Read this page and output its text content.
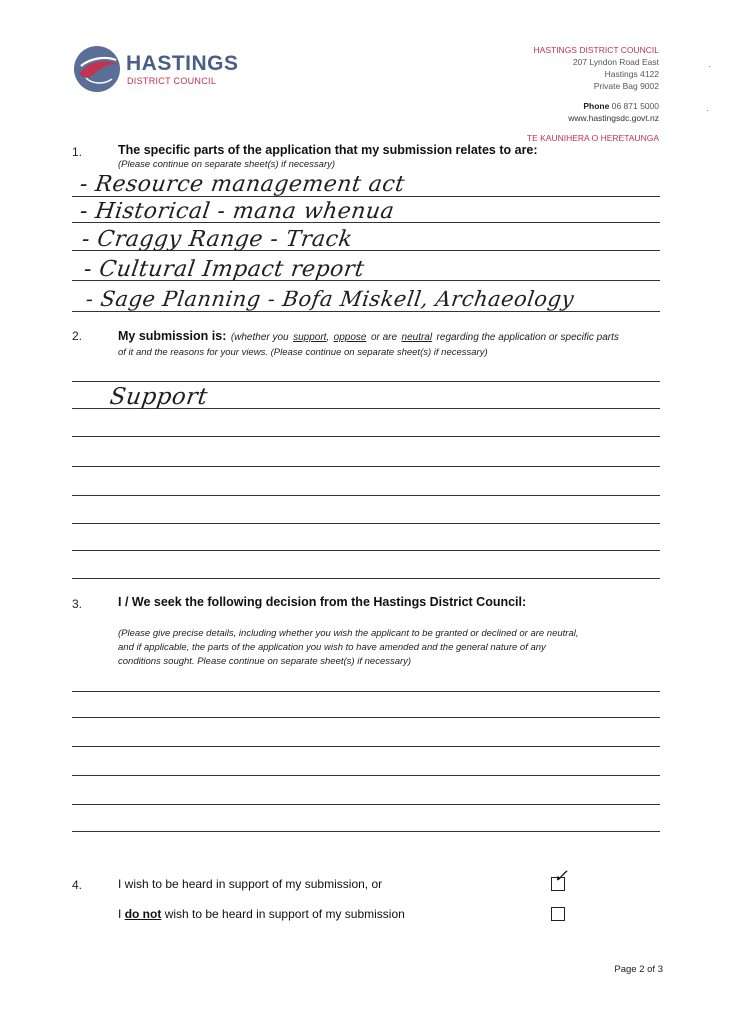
HASTINGS
DISTRICT COUNCIL
HASTINGS DISTRICT COUNCIL
207 Lyndon Road East
Hastings 4122
Private Bag 9002
Phone 06 871 5000
www.hastingsdc.govt.nz
TE KAUNIHERA O HERETAUNGA
·
·
1.	The specific parts of the application that my submission relates to are:
(Please continue on separate sheet(s) if necessary)
- Resource management act
- Historical - mana whenua
- Craggy Range - Track
- Cultural Impact report
- Sage Planning - Bofa Miskell, Archaeology
2.	My submission is: (whether you support, oppose or are neutral regarding the application or specific parts
of it and the reasons for your views. (Please continue on separate sheet(s) if necessary)
Support
3.	I / We seek the following decision from the Hastings District Council:
(Please give precise details, including whether you wish the applicant to be granted or declined or are neutral,
and if applicable, the parts of the application you wish to have amended and the general nature of any
conditions sought. Please continue on separate sheet(s) if necessary)
4.	I wish to be heard in support of my submission, or	✓
I do not wish to be heard in support of my submission
Page 2 of 3
